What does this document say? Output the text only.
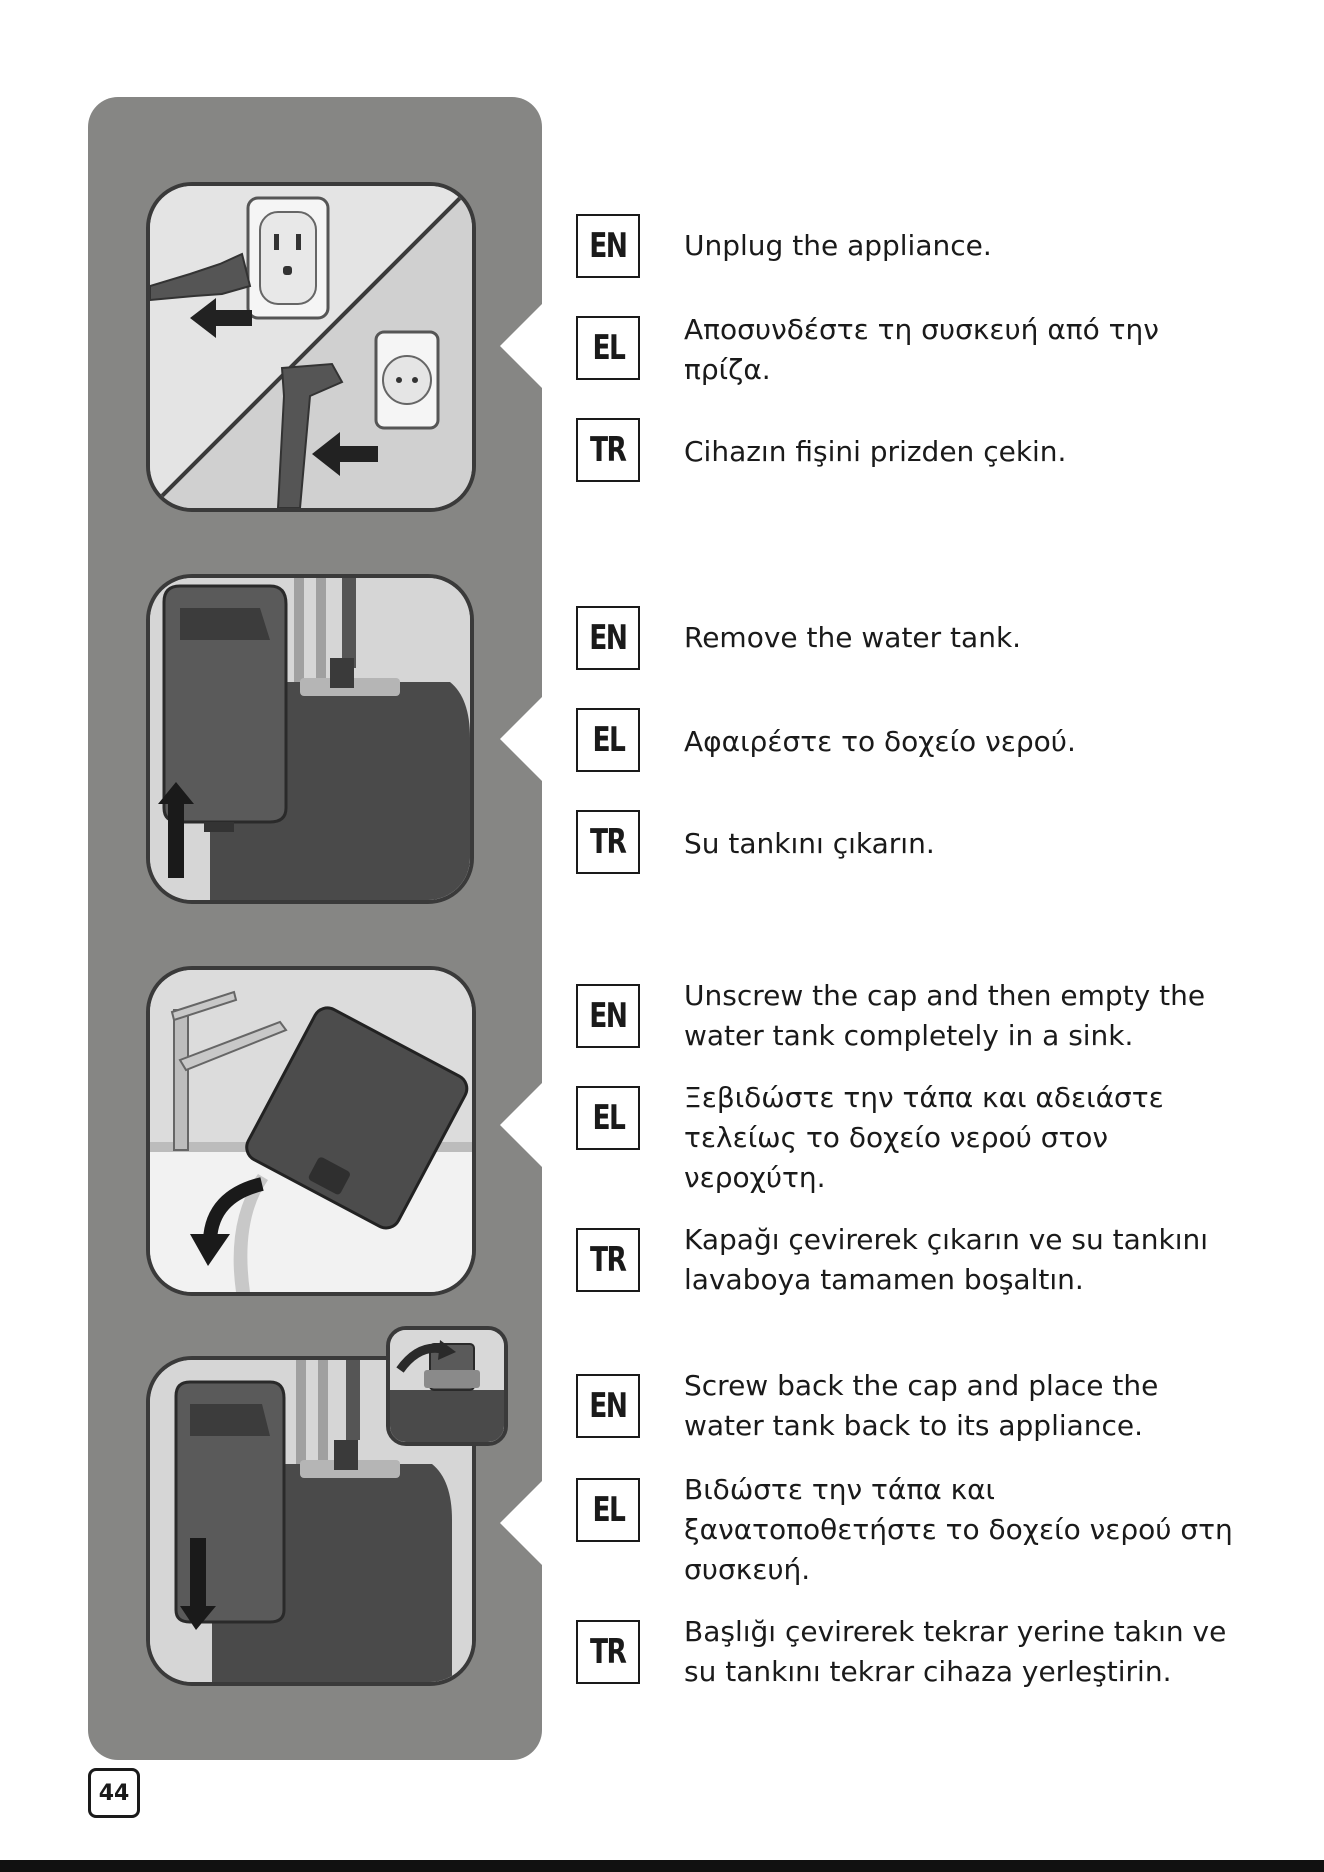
EN Unplug the appliance.
EL Αποσυνδέστε τη συσκευή από την πρίζα.
TR Cihazın fişini prizden çekin.
EN Remove the water tank.
EL Αφαιρέστε το δοχείο νερού.
TR Su tankını çıkarın.
EN
Unscrew the cap and then empty the water tank completely in a sink.
EL
Ξεβιδώστε την τάπα και αδειάστε τελείως το δοχείο νερού στον νεροχύτη.
TR
Kapağı çevirerek çıkarın ve su tankını lavaboya tamamen boşaltın.
EN
Screw back the cap and place the water tank back to its appliance.
EL
Βιδώστε την τάπα και ξανατοποθετήστε το δοχείο νερού στη συσκευή.
TR
Başlığı çevirerek tekrar yerine takın ve su tankını tekrar cihaza yerleştirin.
44
